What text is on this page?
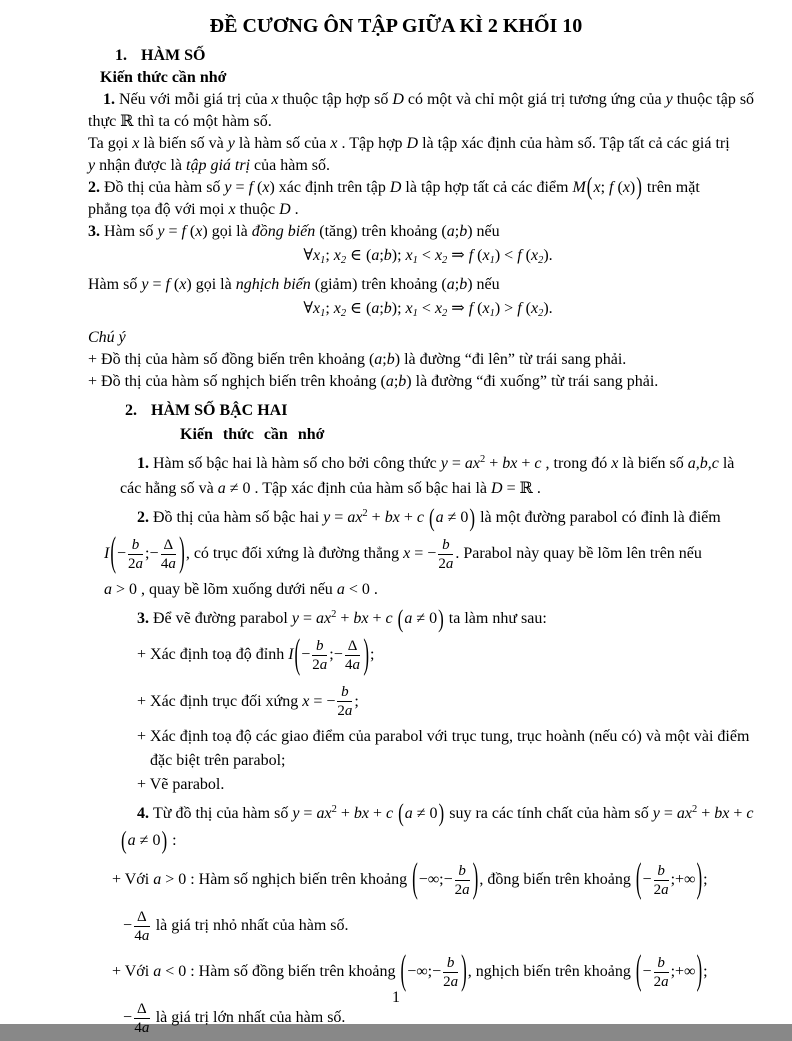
ĐỀ CƯƠNG ÔN TẬP GIỮA KÌ 2 KHỐI 10

1. HÀM SỐ

Kiến thức cần nhớ

1. Nếu với mỗi giá trị của x thuộc tập hợp số D có một và chỉ một giá trị tương ứng của y thuộc tập số

thực ℝ thì ta có một hàm số.

Ta gọi x là biến số và y là hàm số của x . Tập hợp D là tập xác định của hàm số. Tập tất cả các giá trị

y nhận được là tập giá trị của hàm số.

2. Đồ thị của hàm số y = f (x) xác định trên tập D là tập hợp tất cả các điểm M(x; f (x)) trên mặt

phẳng tọa độ với mọi x thuộc D .

3. Hàm số y = f (x) gọi là đồng biến (tăng) trên khoảng (a;b) nếu

$\forall x_1$; $x_2$ ∈ (a;b); $x_1 < x_2$ ⇒ f $(x_1) < f$ $(x_2)$.

Hàm số y = f (x) gọi là nghịch biến (giảm) trên khoảng (a;b) nếu

$\forall x_1$; $x_2$ ∈ (a;b); $x_1 < x_2$ ⇒ f $(x_1) > f$ $(x_2)$.

Chú ý

+ Đồ thị của hàm số đồng biến trên khoảng (a;b) là đường “đi lên” từ trái sang phải.

+ Đồ thị của hàm số nghịch biến trên khoảng (a;b) là đường “đi xuống” từ trái sang phải.

2. HÀM SỐ BẬC HAI

Kiến thức cần nhớ

1. Hàm số bậc hai là hàm số cho bởi công thức $y = ax^2$ + bx + c , trong đó x là biến số a,b,c là

các hằng số và a ≠ 0 . Tập xác định của hàm số bậc hai là D = ℝ .

2. Đồ thị của hàm số bậc hai $y = ax^2$ + bx + c (a ≠ 0) là một đường parabol có đỉnh là điểm

$I(- \frac{b}{2a}$ ;− $\frac{\Delta}{4a}$ ), có trục đối xứng là đường thẳng x = − $\frac{b}{2a}$ . Parabol này quay bề lõm lên trên nếu

a > 0 , quay bề lõm xuống dưới nếu a < 0 .

3. Để vẽ đường parabol $y = ax^2$ + bx + c (a ≠ 0) ta làm như sau:

+ Xác định toạ độ đỉnh $I(- \frac{b}{2a}$ ;− $\frac{\Delta}{4a}$ );

+ Xác định trục đối xứng x = − $\frac{b}{2a}$ ;

+ Xác định toạ độ các giao điểm của parabol với trục tung, trục hoành (nếu có) và một vài điểm

đặc biệt trên parabol;

+ Vẽ parabol.

4. Từ đồ thị của hàm số $y = ax^2$ + bx + c (a ≠ 0) suy ra các tính chất của hàm số $y = ax^2$ + bx + c

(a ≠ 0) :

+ Với a > 0 : Hàm số nghịch biến trên khoảng (−∞;− $\frac{b}{2a}$ ), đồng biến trên khoảng (− $\frac{b}{2a}$ ;+∞);

− $\frac{\Delta}{4a}$ là giá trị nhỏ nhất của hàm số.

+ Với a < 0 : Hàm số đồng biến trên khoảng (−∞;− $\frac{b}{2a}$ ), nghịch biến trên khoảng (− $\frac{b}{2a}$ ;+∞);

− $\frac{\Delta}{4a}$ là giá trị lớn nhất của hàm số.

1
